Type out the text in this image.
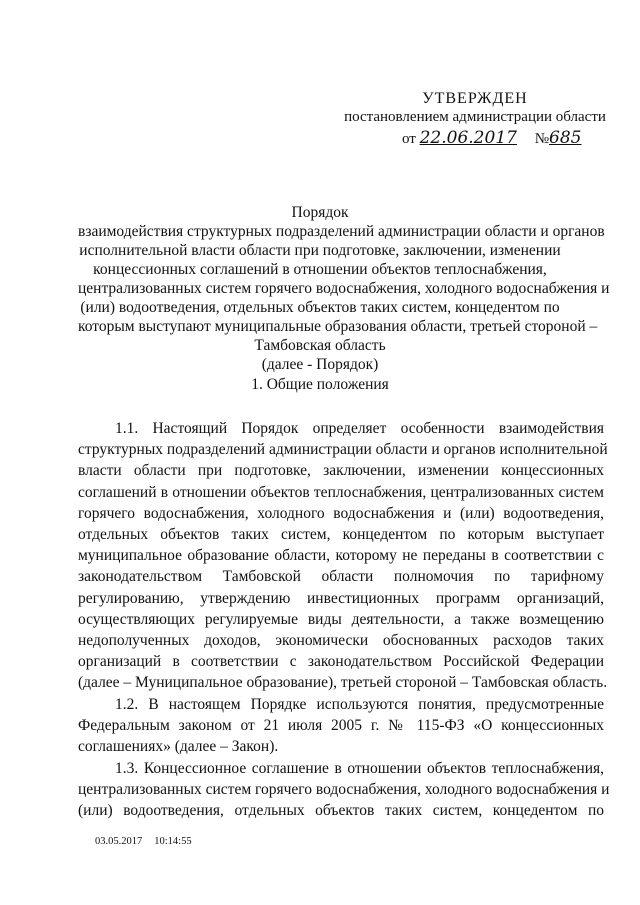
УТВЕРЖДЕН
постановлением администрации области
от 22.06.2017 №685
Порядок
взаимодействия структурных подразделений администрации области и органов
исполнительной власти области при подготовке, заключении, изменении
концессионных соглашений в отношении объектов теплоснабжения,
централизованных систем горячего водоснабжения, холодного водоснабжения и
(или) водоотведения, отдельных объектов таких систем, концедентом по
которым выступают муниципальные образования области, третьей стороной –
Тамбовская область
(далее - Порядок)
1. Общие положения
1.1. Настоящий Порядок определяет особенности взаимодействия
структурных подразделений администрации области и органов исполнительной
власти области при подготовке, заключении, изменении концессионных
соглашений в отношении объектов теплоснабжения, централизованных систем
горячего водоснабжения, холодного водоснабжения и (или) водоотведения,
отдельных объектов таких систем, концедентом по которым выступает
муниципальное образование области, которому не переданы в соответствии с
законодательством Тамбовской области полномочия по тарифному
регулированию, утверждению инвестиционных программ организаций,
осуществляющих регулируемые виды деятельности, а также возмещению
недополученных доходов, экономически обоснованных расходов таких
организаций в соответствии с законодательством Российской Федерации
(далее – Муниципальное образование), третьей стороной – Тамбовская область.
1.2. В настоящем Порядке используются понятия, предусмотренные
Федеральным законом от 21 июля 2005 г. № 115-ФЗ «О концессионных
соглашениях» (далее – Закон).
1.3. Концессионное соглашение в отношении объектов теплоснабжения,
централизованных систем горячего водоснабжения, холодного водоснабжения и
(или) водоотведения, отдельных объектов таких систем, концедентом по
03.05.2017 10:14:55
